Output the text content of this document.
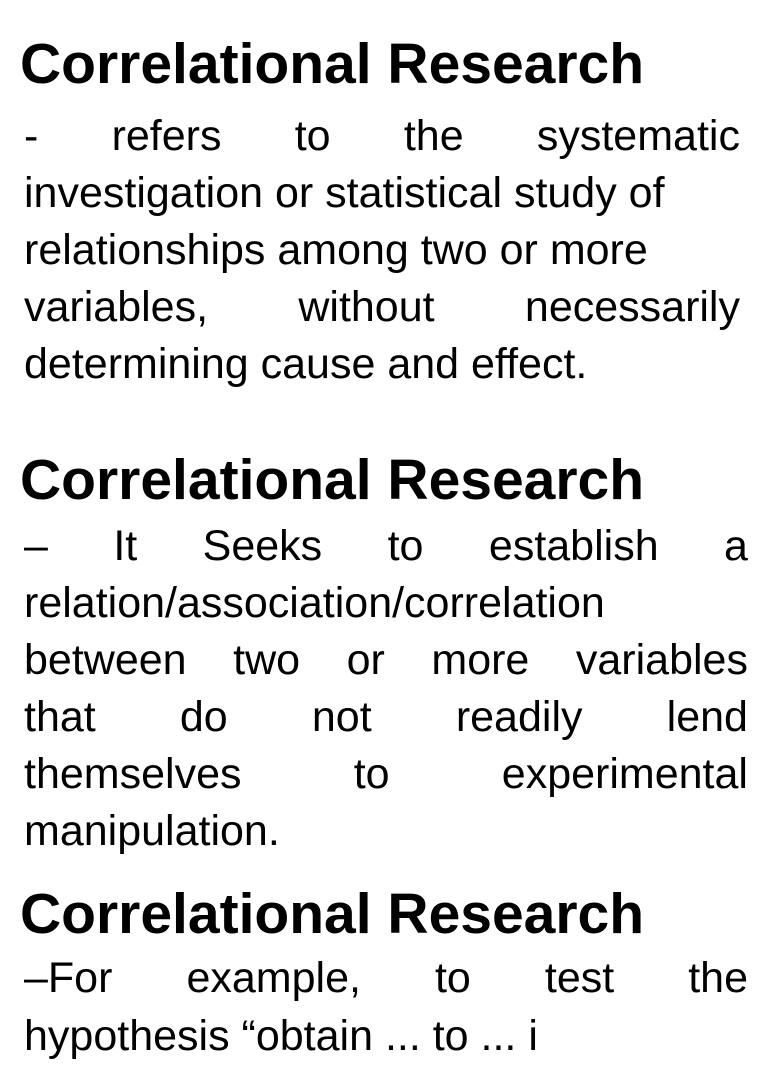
Correlational Research
- refers to the systematic
investigation or statistical study of
relationships among two or more
variables, without necessarily
determining cause and effect.
Correlational Research
– It Seeks to establish a
relation/association/correlation
between two or more variables
that do not readily lend
themselves	to	experimental
manipulation.
Correlational Research
–For example, to test the
hypothesis “obtain ... to ... i
